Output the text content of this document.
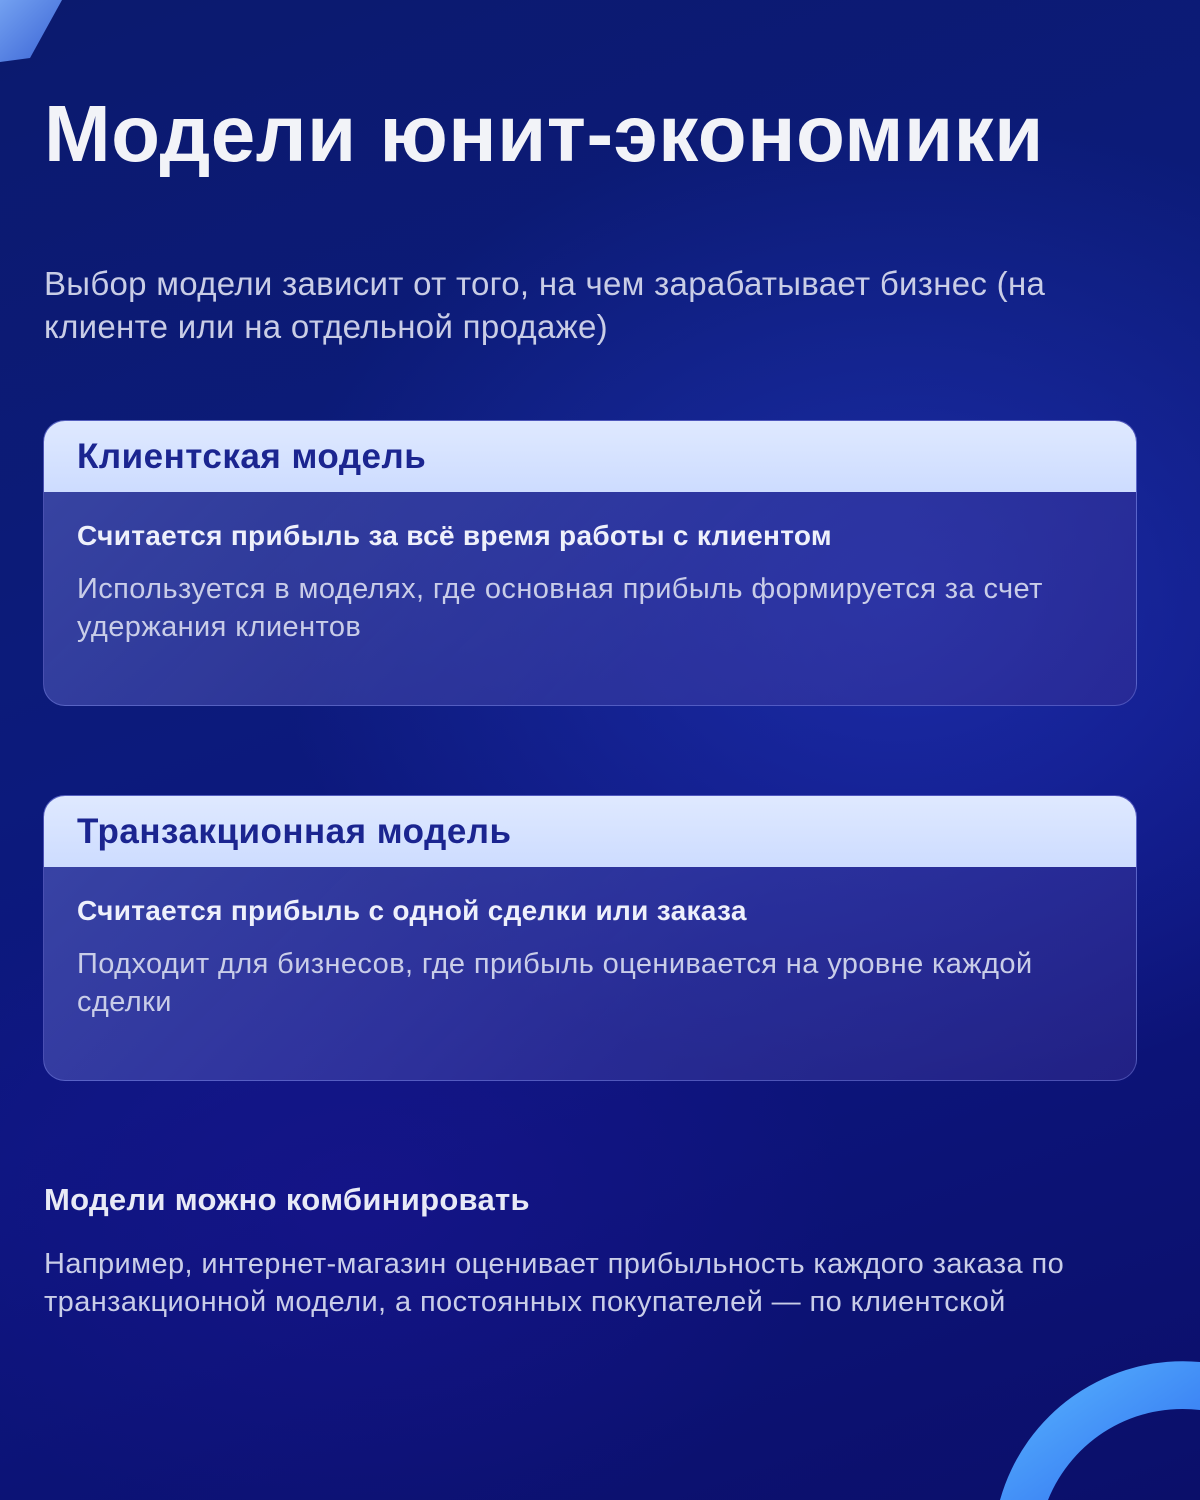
Модели юнит-экономики

Выбор модели зависит от того, на чем зарабатывает бизнес (на клиенте или на отдельной продаже)

Клиентская модель

Считается прибыль за всё время работы с клиентом

Используется в моделях, где основная прибыль формируется за счет удержания клиентов

Транзакционная модель

Считается прибыль с одной сделки или заказа

Подходит для бизнесов, где прибыль оценивается на уровне каждой сделки

Модели можно комбинировать

Например, интернет-магазин оценивает прибыльность каждого заказа по транзакционной модели, а постоянных покупателей — по клиентской
